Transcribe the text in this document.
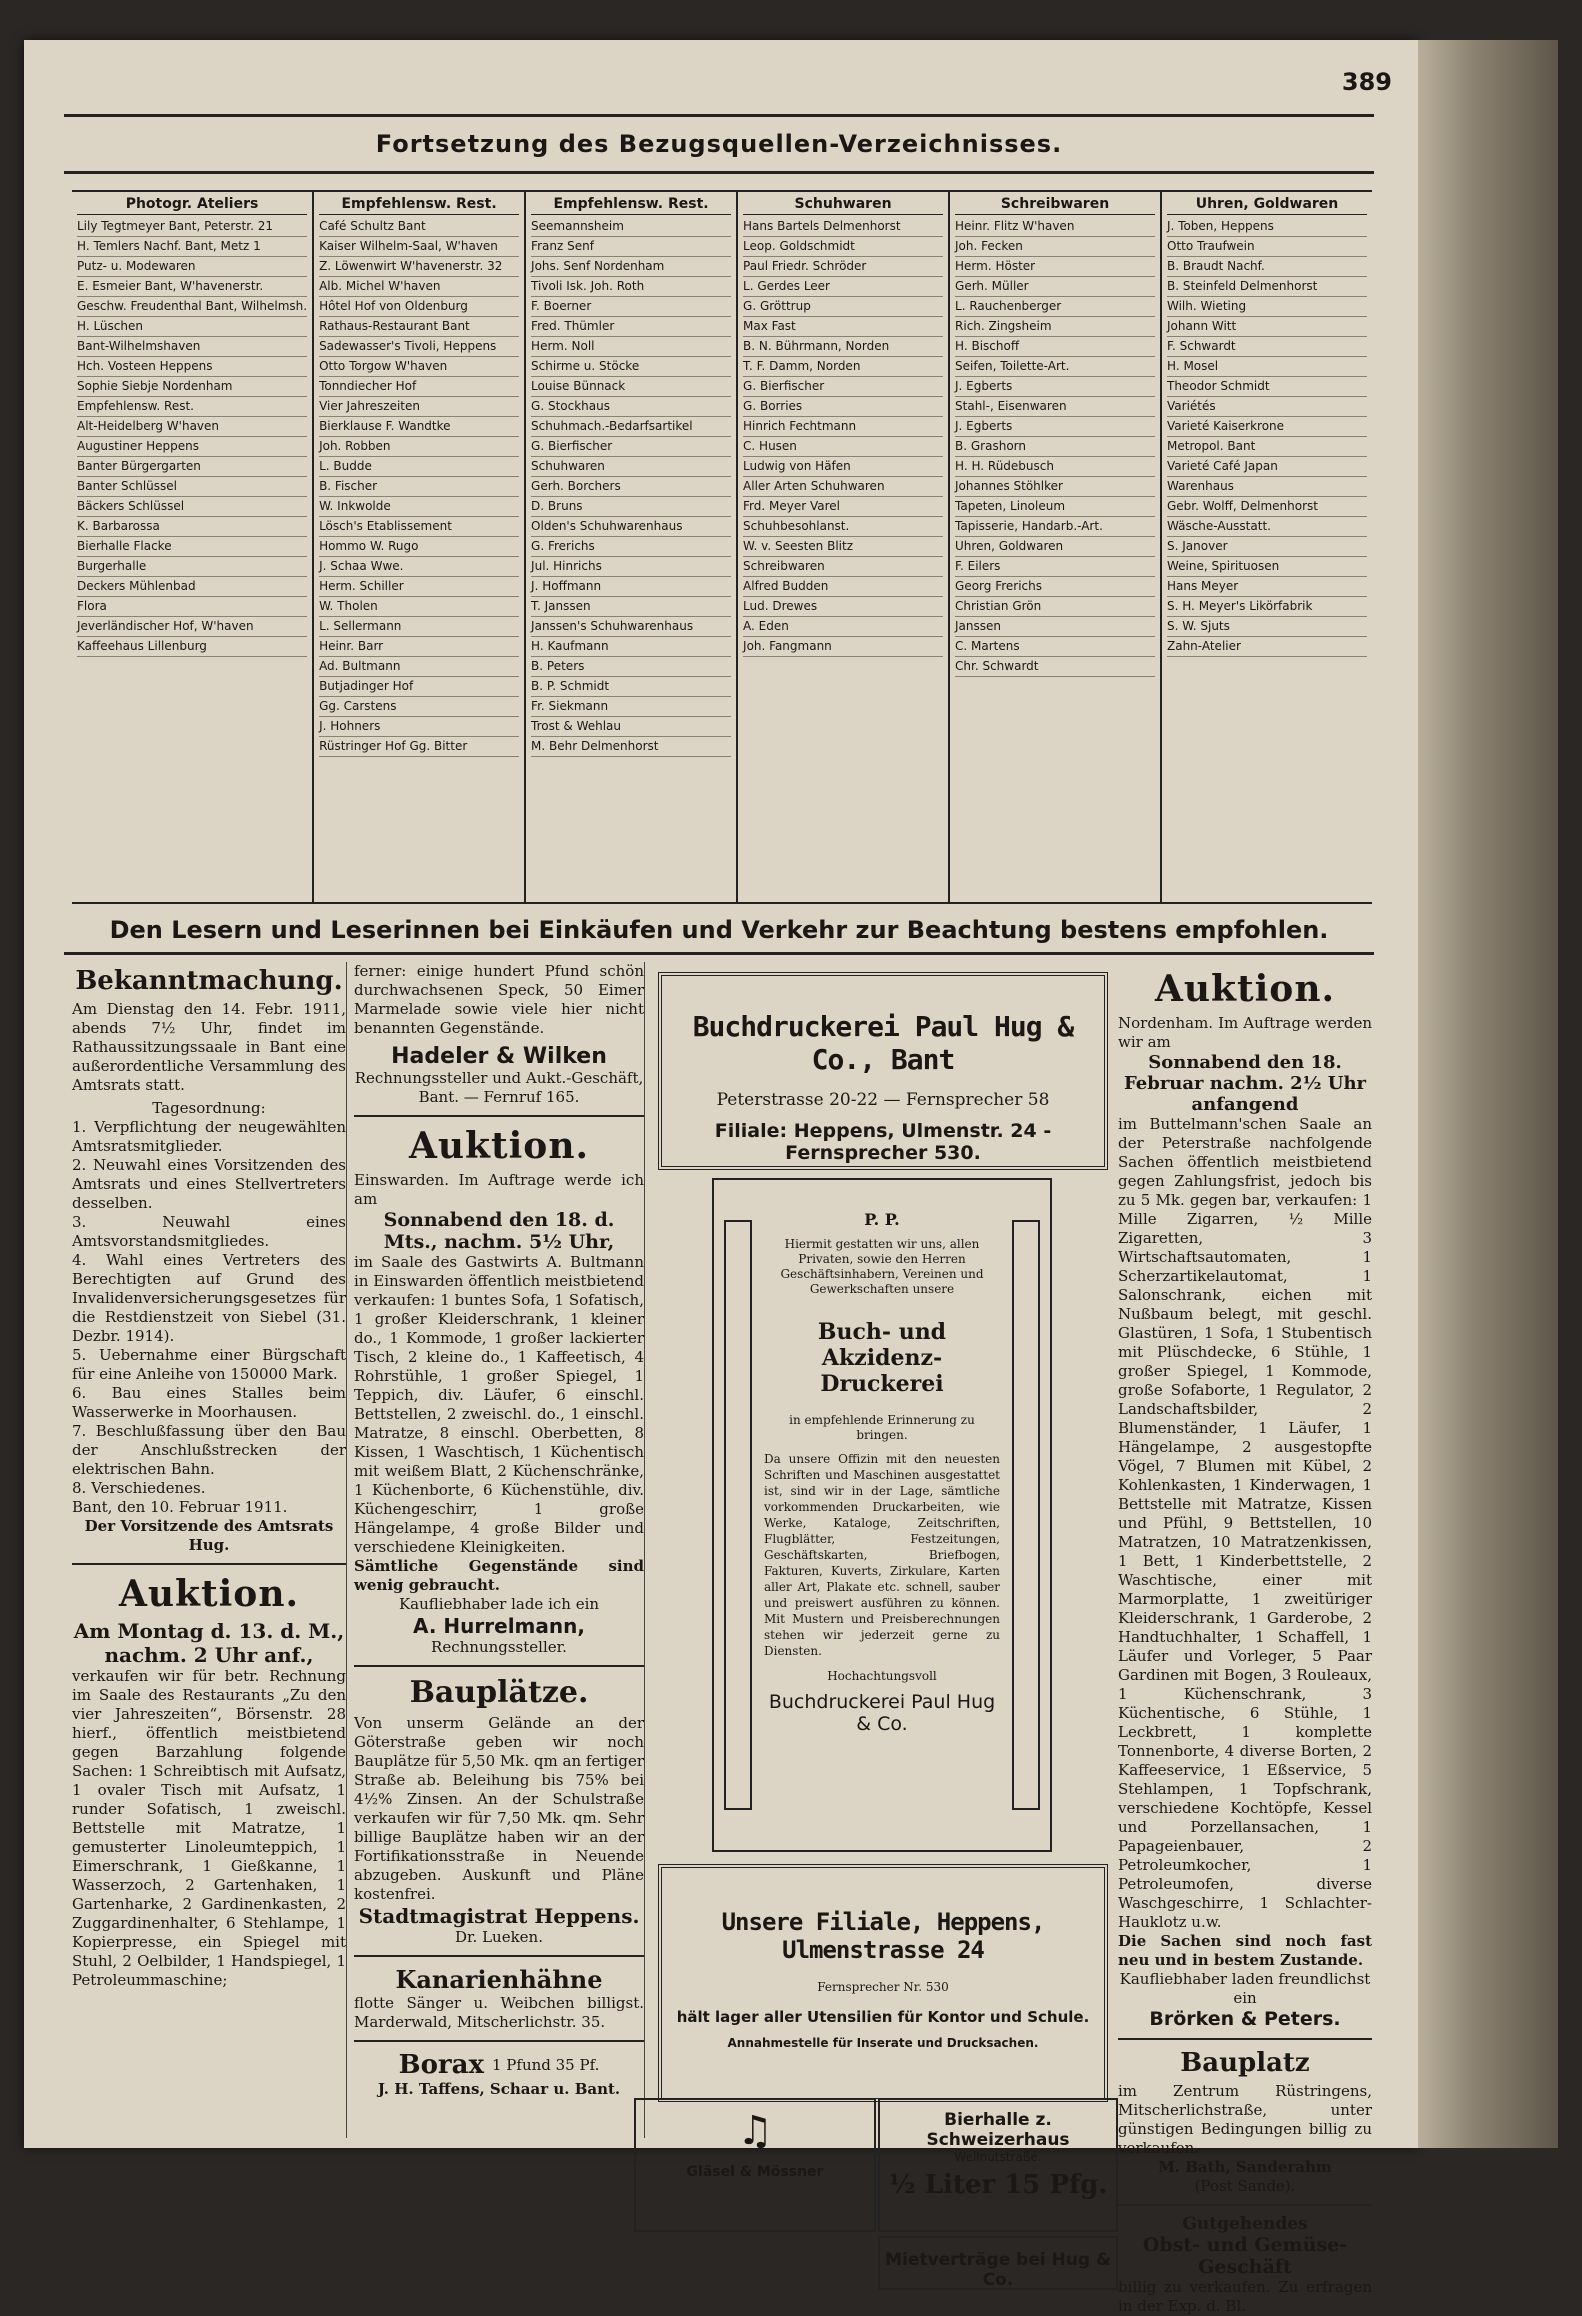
389
Fortsetzung des Bezugsquellen-Verzeichnisses.
Photogr. Ateliers
Lily Tegtmeyer Bant, Peterstr. 21
H. Temlers Nachf. Bant, Metz 1
Putz- u. Modewaren
E. Esmeier Bant, W'havenerstr.
Geschw. Freudenthal Bant, Wilhelmsh.
H. Lüschen
Bant-Wilhelmshaven
Hch. Vosteen Heppens
Sophie Siebje Nordenham
Empfehlensw. Rest.
Alt-Heidelberg W'haven
Augustiner Heppens
Banter Bürgergarten
Banter Schlüssel
Bäckers Schlüssel
K. Barbarossa
Bierhalle Flacke
Burgerhalle
Deckers Mühlenbad
Flora
Jeverländischer Hof, W'haven
Kaffeehaus Lillenburg
Empfehlensw. Rest.
Café Schultz Bant
Kaiser Wilhelm-Saal, W'haven
Z. Löwenwirt W'havenerstr. 32
Alb. Michel W'haven
Hôtel Hof von Oldenburg
Rathaus-Restaurant Bant
Sadewasser's Tivoli, Heppens
Otto Torgow W'haven
Tonndiecher Hof
Vier Jahreszeiten
Bierklause F. Wandtke
Joh. Robben
L. Budde
B. Fischer
W. Inkwolde
Lösch's Etablissement
Hommo W. Rugo
J. Schaa Wwe.
Herm. Schiller
W. Tholen
L. Sellermann
Heinr. Barr
Ad. Bultmann
Butjadinger Hof
Gg. Carstens
J. Hohners
Rüstringer Hof Gg. Bitter
Empfehlensw. Rest.
Seemannsheim
Franz Senf
Johs. Senf Nordenham
Tivoli Isk. Joh. Roth
F. Boerner
Fred. Thümler
Herm. Noll
Schirme u. Stöcke
Louise Bünnack
G. Stockhaus
Schuhmach.-Bedarfsartikel
G. Bierfischer
Schuhwaren
Gerh. Borchers
D. Bruns
Olden's Schuhwarenhaus
G. Frerichs
Jul. Hinrichs
J. Hoffmann
T. Janssen
Janssen's Schuhwarenhaus
H. Kaufmann
B. Peters
B. P. Schmidt
Fr. Siekmann
Trost & Wehlau
M. Behr Delmenhorst
Schuhwaren
Hans Bartels Delmenhorst
Leop. Goldschmidt
Paul Friedr. Schröder
L. Gerdes Leer
G. Gröttrup
Max Fast
B. N. Bührmann, Norden
T. F. Damm, Norden
G. Bierfischer
G. Borries
Hinrich Fechtmann
C. Husen
Ludwig von Häfen
Aller Arten Schuhwaren
Frd. Meyer Varel
Schuhbesohlanst.
W. v. Seesten Blitz
Schreibwaren
Alfred Budden
Lud. Drewes
A. Eden
Joh. Fangmann
Schreibwaren
Heinr. Flitz W'haven
Joh. Fecken
Herm. Höster
Gerh. Müller
L. Rauchenberger
Rich. Zingsheim
H. Bischoff
Seifen, Toilette-Art.
J. Egberts
Stahl-, Eisenwaren
J. Egberts
B. Grashorn
H. H. Rüdebusch
Johannes Stöhlker
Tapeten, Linoleum
Tapisserie, Handarb.-Art.
Uhren, Goldwaren
F. Eilers
Georg Frerichs
Christian Grön
Janssen
C. Martens
Chr. Schwardt
Uhren, Goldwaren
J. Toben, Heppens
Otto Traufwein
B. Braudt Nachf.
B. Steinfeld Delmenhorst
Wilh. Wieting
Johann Witt
F. Schwardt
H. Mosel
Theodor Schmidt
Variétés
Varieté Kaiserkrone
Metropol. Bant
Varieté Café Japan
Warenhaus
Gebr. Wolff, Delmenhorst
Wäsche-Ausstatt.
S. Janover
Weine, Spirituosen
Hans Meyer
S. H. Meyer's Likörfabrik
S. W. Sjuts
Zahn-Atelier
Den Lesern und Leserinnen bei Einkäufen und Verkehr zur Beachtung bestens empfohlen.
Bekanntmachung.
Am Dienstag den 14. Febr. 1911, abends 7½ Uhr, findet im Rathaussitzungssaale in Bant eine außerordentliche Versammlung des Amtsrats statt.
Tagesordnung:
1. Verpflichtung der neugewählten Amtsratsmitglieder.
2. Neuwahl eines Vorsitzenden des Amtsrats und eines Stellvertreters desselben.
3. Neuwahl eines Amtsvorstandsmitgliedes.
4. Wahl eines Vertreters des Berechtigten auf Grund des Invalidenversicherungsgesetzes für die Restdienstzeit von Siebel (31. Dezbr. 1914).
5. Uebernahme einer Bürgschaft für eine Anleihe von 150000 Mark.
6. Bau eines Stalles beim Wasserwerke in Moorhausen.
7. Beschlußfassung über den Bau der Anschlußstrecken der elektrischen Bahn.
8. Verschiedenes.
Bant, den 10. Februar 1911.
Der Vorsitzende des Amtsrats Hug.
Auktion.
Am Montag d. 13. d. M., nachm. 2 Uhr anf.,
verkaufen wir für betr. Rechnung im Saale des Restaurants „Zu den vier Jahreszeiten“, Börsenstr. 28 hierf., öffentlich meistbietend gegen Barzahlung folgende Sachen: 1 Schreibtisch mit Aufsatz, 1 ovaler Tisch mit Aufsatz, 1 runder Sofatisch, 1 zweischl. Bettstelle mit Matratze, 1 gemusterter Linoleumteppich, 1 Eimerschrank, 1 Gießkanne, 1 Wasserzoch, 2 Gartenhaken, 1 Gartenharke, 2 Gardinenkasten, 2 Zuggardinenhalter, 6 Stehlampe, 1 Kopierpresse, ein Spiegel mit Stuhl, 2 Oelbilder, 1 Handspiegel, 1 Petroleummaschine;
ferner: einige hundert Pfund schön durchwachsenen Speck, 50 Eimer Marmelade sowie viele hier nicht benannten Gegenstände.
Hadeler & Wilken
Rechnungssteller und Aukt.-Geschäft, Bant. — Fernruf 165.
Auktion.
Einswarden. Im Auftrage werde ich am
Sonnabend den 18. d. Mts., nachm. 5½ Uhr,
im Saale des Gastwirts A. Bultmann in Einswarden öffentlich meistbietend verkaufen: 1 buntes Sofa, 1 Sofatisch, 1 großer Kleiderschrank, 1 kleiner do., 1 Kommode, 1 großer lackierter Tisch, 2 kleine do., 1 Kaffeetisch, 4 Rohrstühle, 1 großer Spiegel, 1 Teppich, div. Läufer, 6 einschl. Bettstellen, 2 zweischl. do., 1 einschl. Matratze, 8 einschl. Oberbetten, 8 Kissen, 1 Waschtisch, 1 Küchentisch mit weißem Blatt, 2 Küchenschränke, 1 Küchenborte, 6 Küchenstühle, div. Küchengeschirr, 1 große Hängelampe, 4 große Bilder und verschiedene Kleinigkeiten.
Sämtliche Gegenstände sind wenig gebraucht.
Kaufliebhaber lade ich ein
A. Hurrelmann,
Rechnungssteller.
Bauplätze.
Von unserm Gelände an der Göterstraße geben wir noch Bauplätze für 5,50 Mk. qm an fertiger Straße ab. Beleihung bis 75% bei 4½% Zinsen. An der Schulstraße verkaufen wir für 7,50 Mk. qm. Sehr billige Bauplätze haben wir an der Fortifikationsstraße in Neuende abzugeben. Auskunft und Pläne kostenfrei.
Stadtmagistrat Heppens.
Dr. Lueken.
Kanarienhähne
flotte Sänger u. Weibchen billigst. Marderwald, Mitscherlichstr. 35.
Borax 1 Pfund 35 Pf.
J. H. Taffens, Schaar u. Bant.
Buchdruckerei Paul Hug & Co., Bant
Peterstrasse 20-22 — Fernsprecher 58
Filiale: Heppens, Ulmenstr. 24 - Fernsprecher 530.
P. P.
Hiermit gestatten wir uns, allen Privaten, sowie den Herren Geschäftsinhabern, Vereinen und Gewerkschaften unsere
Buch- und Akzidenz-Druckerei
in empfehlende Erinnerung zu bringen.
Da unsere Offizin mit den neuesten Schriften und Maschinen ausgestattet ist, sind wir in der Lage, sämtliche vorkommenden Druckarbeiten, wie Werke, Kataloge, Zeitschriften, Flugblätter, Festzeitungen, Geschäftskarten, Briefbogen, Fakturen, Kuverts, Zirkulare, Karten aller Art, Plakate etc. schnell, sauber und preiswert ausführen zu können. Mit Mustern und Preisberechnungen stehen wir jederzeit gerne zu Diensten.
Hochachtungsvoll
Buchdruckerei Paul Hug & Co.
Unsere Filiale, Heppens, Ulmenstrasse 24
Fernsprecher Nr. 530
hält lager aller Utensilien für Kontor und Schule.
Annahmestelle für Inserate und Drucksachen.
♫
Gläsel & Mössner
Bierhalle z. Schweizerhaus
Wellnutstraße.
½ Liter 15 Pfg.
Mietverträge bei Hug & Co.
Auktion.
Nordenham. Im Auftrage werden wir am
Sonnabend den 18. Februar nachm. 2½ Uhr anfangend
im Buttelmann'schen Saale an der Peterstraße nachfolgende Sachen öffentlich meistbietend gegen Zahlungsfrist, jedoch bis zu 5 Mk. gegen bar, verkaufen: 1 Mille Zigarren, ½ Mille Zigaretten, 3 Wirtschaftsautomaten, 1 Scherzartikelautomat, 1 Salonschrank, eichen mit Nußbaum belegt, mit geschl. Glastüren, 1 Sofa, 1 Stubentisch mit Plüschdecke, 6 Stühle, 1 großer Spiegel, 1 Kommode, große Sofaborte, 1 Regulator, 2 Landschaftsbilder, 2 Blumenständer, 1 Läufer, 1 Hängelampe, 2 ausgestopfte Vögel, 7 Blumen mit Kübel, 2 Kohlenkasten, 1 Kinderwagen, 1 Bettstelle mit Matratze, Kissen und Pfühl, 9 Bettstellen, 10 Matratzen, 10 Matratzenkissen, 1 Bett, 1 Kinderbettstelle, 2 Waschtische, einer mit Marmorplatte, 1 zweitüriger Kleiderschrank, 1 Garderobe, 2 Handtuchhalter, 1 Schaffell, 1 Läufer und Vorleger, 5 Paar Gardinen mit Bogen, 3 Rouleaux, 1 Küchenschrank, 3 Küchentische, 6 Stühle, 1 Leckbrett, 1 komplette Tonnenborte, 4 diverse Borten, 2 Kaffeeservice, 1 Eßservice, 5 Stehlampen, 1 Topfschrank, verschiedene Kochtöpfe, Kessel und Porzellansachen, 1 Papageienbauer, 2 Petroleumkocher, 1 Petroleumofen, diverse Waschgeschirre, 1 Schlachter-Hauklotz u.w.
Die Sachen sind noch fast neu und in bestem Zustande.
Kaufliebhaber laden freundlichst ein
Brörken & Peters.
Bauplatz
im Zentrum Rüstringens, Mitscherlichstraße, unter günstigen Bedingungen billig zu verkaufen.
M. Bath, Sanderahm
(Post Sande).
Gutgehendes
Obst- und Gemüse-Geschäft
billig zu verkaufen. Zu erfragen in der Exp. d. Bl.
